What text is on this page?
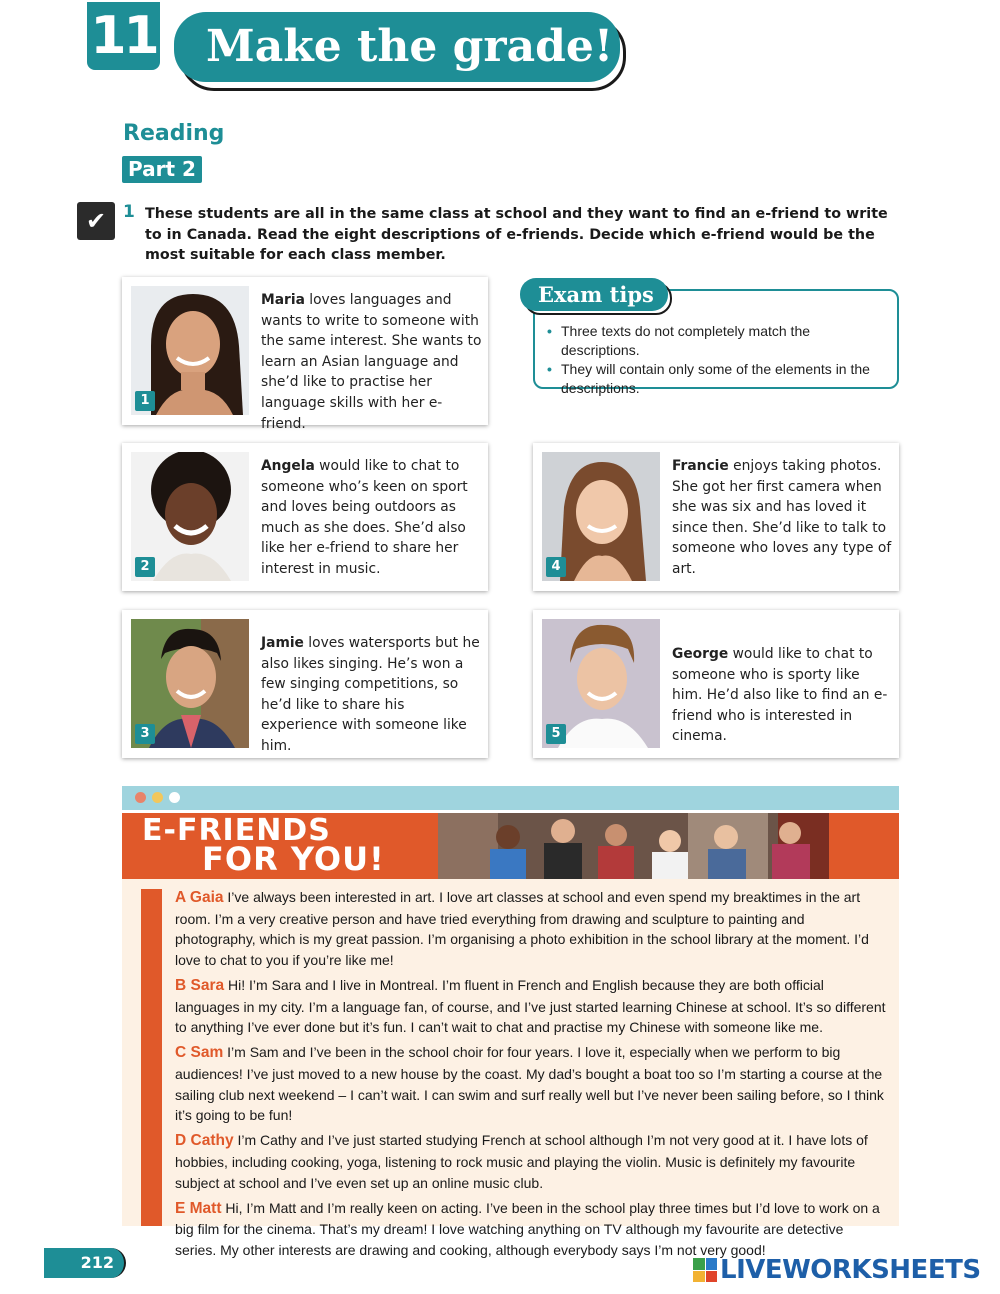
11	Make the grade!
Reading
Part 2
✔ 1 These students are all in the same class at school and they want to find an e-friend to write to in Canada. Read the eight descriptions of e-friends. Decide which e-friend would be the most suitable for each class member.
1
Maria loves languages and wants to write to someone with the same interest. She wants to learn an Asian language and she’d like to practise her language skills with her e-friend.
Exam tips
• Three texts do not completely match the descriptions.
• They will contain only some of the elements in the descriptions.
2
Angela would like to chat to someone who’s keen on sport and loves being outdoors as much as she does. She’d also like her e-friend to share her interest in music.	4
Francie enjoys taking photos. She got her first camera when she was six and has loved it since then. She’d like to talk to someone who loves any type of art.
3
Jamie loves watersports but he also likes singing. He’s won a few singing competitions, so he’d like to share his experience with someone like him.
5
George would like to chat to someone who is sporty like him. He’d also like to find an e-friend who is interested in cinema.
E-FRIENDS
FOR YOU!

A Gaia I’ve always been interested in art. I love art classes at school and even spend my breaktimes in the art room. I’m a very creative person and have tried everything from drawing and sculpture to painting and photography, which is my great passion. I’m organising a photo exhibition in the school library at the moment. I’d love to chat to you if you’re like me!

B Sara Hi! I’m Sara and I live in Montreal. I’m fluent in French and English because they are both official languages in my city. I’m a language fan, of course, and I’ve just started learning Chinese at school. It’s so different to anything I’ve ever done but it’s fun. I can’t wait to chat and practise my Chinese with someone like me.

C Sam I’m Sam and I’ve been in the school choir for four years. I love it, especially when we perform to big audiences! I’ve just moved to a new house by the coast. My dad’s bought a boat too so I’m starting a course at the sailing club next weekend – I can’t wait. I can swim and surf really well but I’ve never been sailing before, so I think it’s going to be fun!

D Cathy I’m Cathy and I’ve just started studying French at school although I’m not very good at it. I have lots of hobbies, including cooking, yoga, listening to rock music and playing the violin. Music is definitely my favourite subject at school and I’ve even set up an online music club.

E Matt Hi, I’m Matt and I’m really keen on acting. I’ve been in the school play three times but I’d love to work on a big film for the cinema. That’s my dream! I love watching anything on TV although my favourite are detective series. My other interests are drawing and cooking, although everybody says I’m not very good!

212	LIVEWORKSHEETS
